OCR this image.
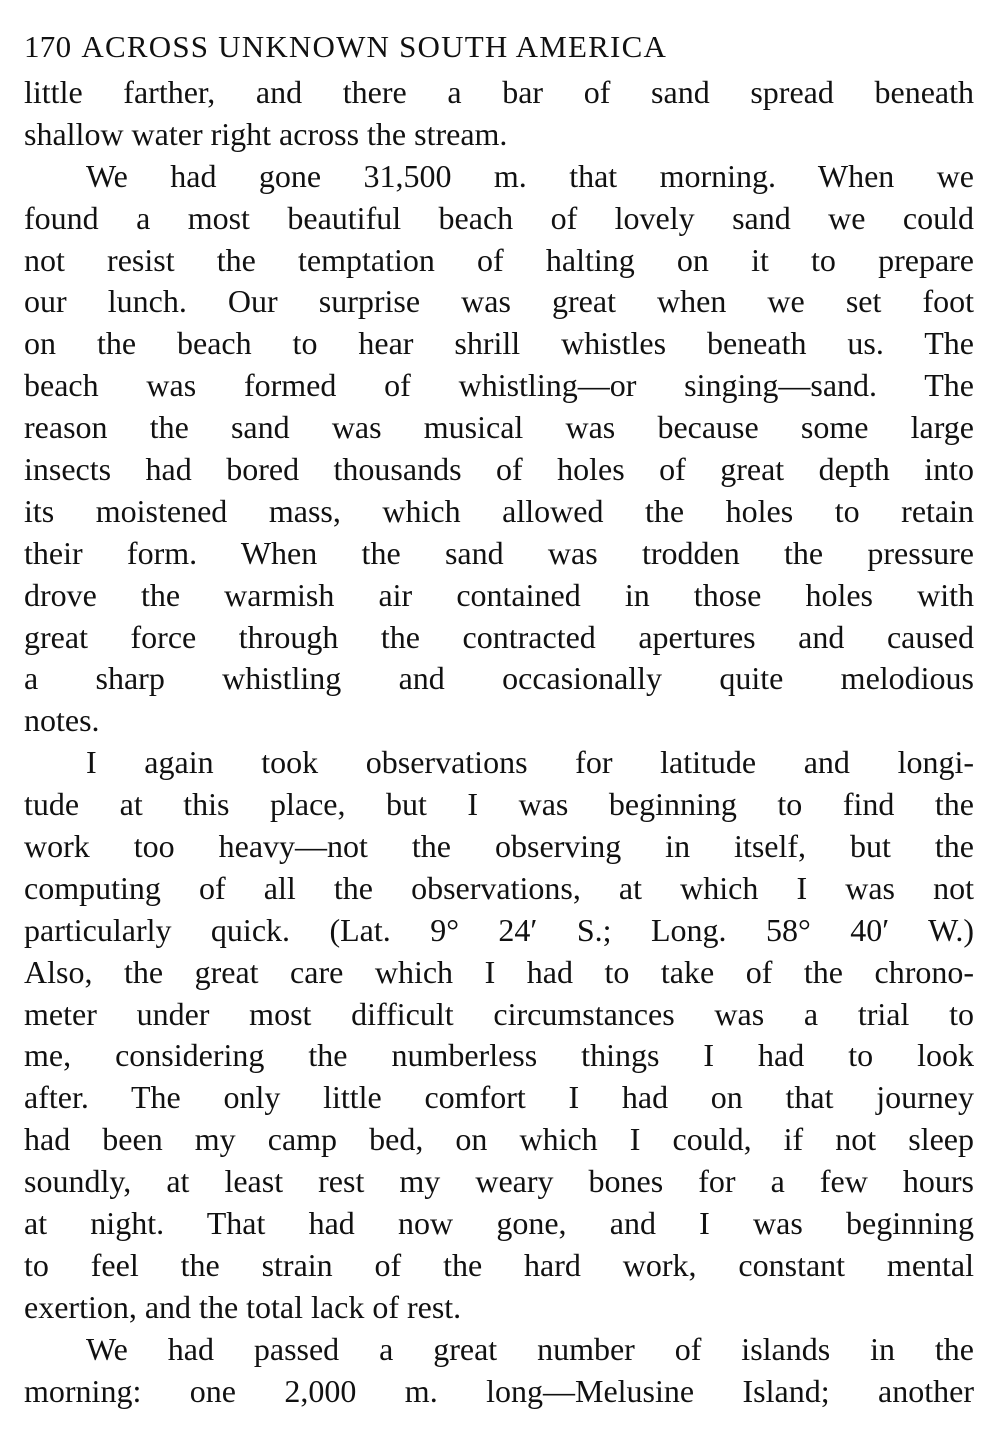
170 ACROSS UNKNOWN SOUTH AMERICA
little farther, and there a bar of sand spread beneath
shallow water right across the stream.
We had gone 31,500 m. that morning. When we
found a most beautiful beach of lovely sand we could
not resist the temptation of halting on it to prepare
our lunch. Our surprise was great when we set foot
on the beach to hear shrill whistles beneath us. The
beach was formed of whistling—or singing—sand. The
reason the sand was musical was because some large
insects had bored thousands of holes of great depth into
its moistened mass, which allowed the holes to retain
their form. When the sand was trodden the pressure
drove the warmish air contained in those holes with
great force through the contracted apertures and caused
a sharp whistling and occasionally quite melodious
notes.
I again took observations for latitude and longi-
tude at this place, but I was beginning to find the
work too heavy—not the observing in itself, but the
computing of all the observations, at which I was not
particularly quick. (Lat. 9° 24′ S.; Long. 58° 40′ W.)
Also, the great care which I had to take of the chrono-
meter under most difficult circumstances was a trial to
me, considering the numberless things I had to look
after. The only little comfort I had on that journey
had been my camp bed, on which I could, if not sleep
soundly, at least rest my weary bones for a few hours
at night. That had now gone, and I was beginning
to feel the strain of the hard work, constant mental
exertion, and the total lack of rest.
We had passed a great number of islands in the
morning: one 2,000 m. long—Melusine Island; another
